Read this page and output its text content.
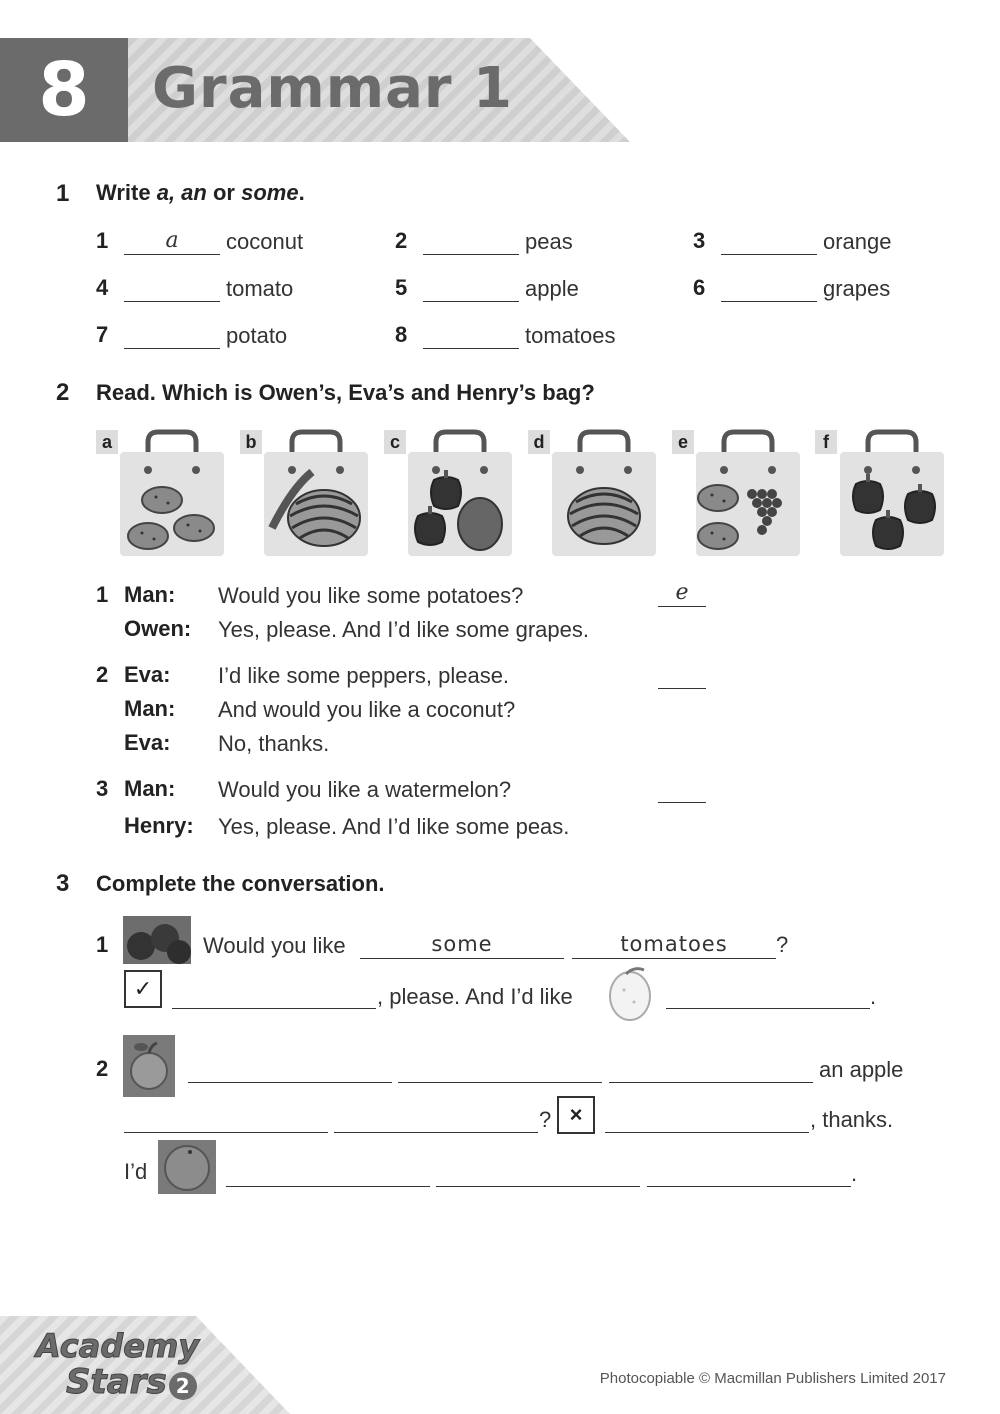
8	Grammar 1
1 Write a, an or some.
1	a	coconut	2	peas	3	orange
4	tomato	5	apple	6	grapes
7	potato	8	tomatoes
2 Read. Which is Owen’s, Eva’s and Henry’s bag?
a	b	c	d	e	f
1 Man: Would you like some potatoes?	e
Owen: Yes, please. And I’d like some grapes.
2 Eva: I’d like some peppers, please.
Man: And would you like a coconut?
Eva: No, thanks.
3 Man: Would you like a watermelon?
Henry: Yes, please. And I’d like some peas.
3 Complete the conversation.
1	Would you like	some	tomatoes	?
✓	, please. And I’d like	.
2	an apple
? ×	, thanks.
I’d	.
Academy
Stars 2	Photocopiable © Macmillan Publishers Limited 2017
